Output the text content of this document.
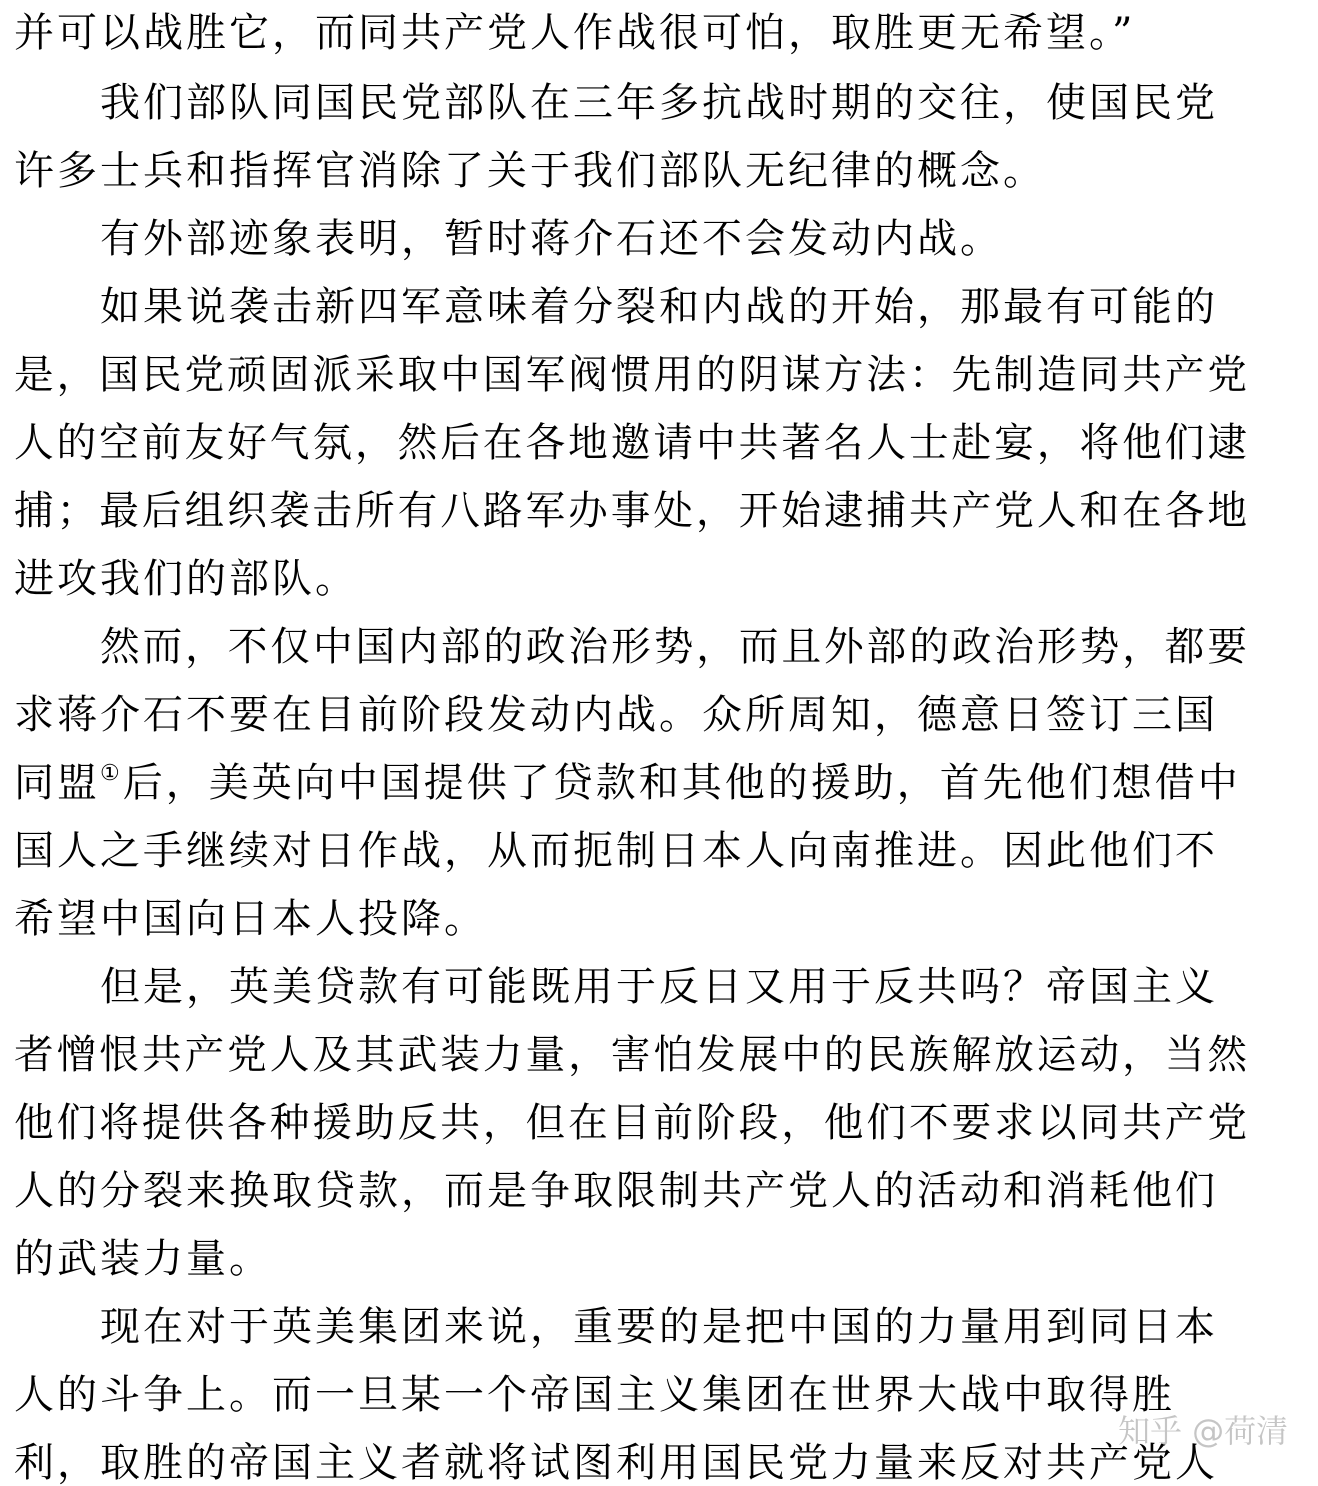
并可以战胜它，而同共产党人作战很可怕，取胜更无希望。”
我们部队同国民党部队在三年多抗战时期的交往，使国民党
许多士兵和指挥官消除了关于我们部队无纪律的概念。
有外部迹象表明，暂时蒋介石还不会发动内战。
如果说袭击新四军意味着分裂和内战的开始，那最有可能的
是，国民党顽固派采取中国军阀惯用的阴谋方法：先制造同共产党
人的空前友好气氛，然后在各地邀请中共著名人士赴宴，将他们逮
捕；最后组织袭击所有八路军办事处，开始逮捕共产党人和在各地
进攻我们的部队。
然而，不仅中国内部的政治形势，而且外部的政治形势，都要
求蒋介石不要在目前阶段发动内战。众所周知，德意日签订三国
同盟①后，美英向中国提供了贷款和其他的援助，首先他们想借中
国人之手继续对日作战，从而扼制日本人向南推进。因此他们不
希望中国向日本人投降。
但是，英美贷款有可能既用于反日又用于反共吗？帝国主义
者憎恨共产党人及其武装力量，害怕发展中的民族解放运动，当然
他们将提供各种援助反共，但在目前阶段，他们不要求以同共产党
人的分裂来换取贷款，而是争取限制共产党人的活动和消耗他们
的武装力量。
现在对于英美集团来说，重要的是把中国的力量用到同日本
人的斗争上。而一旦某一个帝国主义集团在世界大战中取得胜
利，取胜的帝国主义者就将试图利用国民党力量来反对共产党人
知乎 @荷清
